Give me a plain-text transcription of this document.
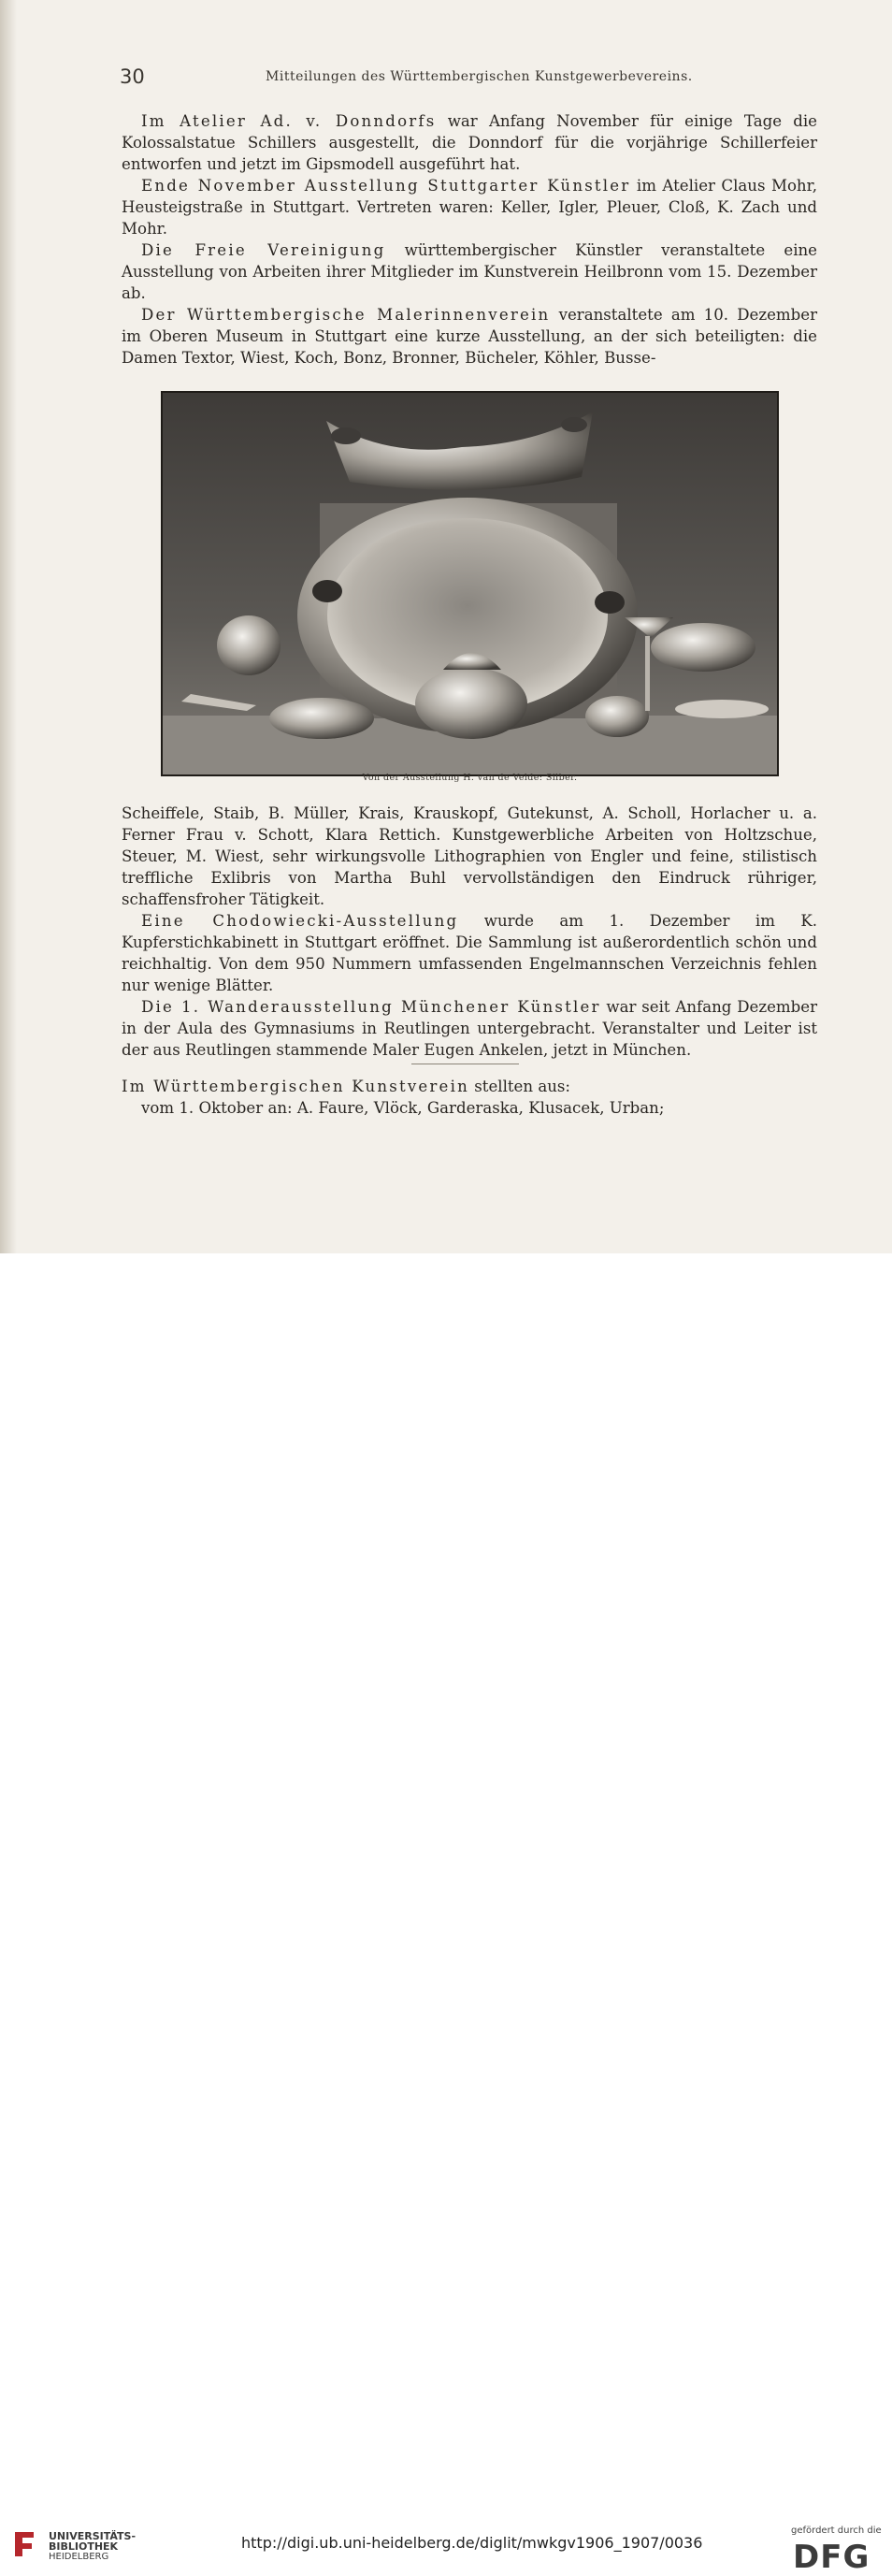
30	Mitteilungen des Württembergischen Kunstgewerbevereins.

Im Atelier Ad. v. Donndorfs war Anfang November für einige Tage die Kolossalstatue Schillers ausgestellt, die Donndorf für die vorjährige Schillerfeier entworfen und jetzt im Gipsmodell ausgeführt hat.

Ende November Ausstellung Stuttgarter Künstler im Atelier Claus Mohr, Heusteigstraße in Stuttgart. Vertreten waren: Keller, Igler, Pleuer, Cloß, K. Zach und Mohr.

Die Freie Vereinigung württembergischer Künstler veranstaltete eine Ausstellung von Arbeiten ihrer Mitglieder im Kunstverein Heilbronn vom 15. Dezember ab.

Der Württembergische Malerinnenverein veranstaltete am 10. Dezember im Oberen Museum in Stuttgart eine kurze Ausstellung, an der sich beteiligten: die Damen Textor, Wiest, Koch, Bonz, Bronner, Bücheler, Köhler, Busse-

Von der Ausstellung H. van de Velde: Silber.

Scheiffele, Staib, B. Müller, Krais, Krauskopf, Gutekunst, A. Scholl, Horlacher u. a. Ferner Frau v. Schott, Klara Rettich. Kunstgewerbliche Arbeiten von Holtzschue, Steuer, M. Wiest, sehr wirkungsvolle Lithographien von Engler und feine, stilistisch treffliche Exlibris von Martha Buhl vervollständigen den Eindruck rühriger, schaffensfroher Tätigkeit.

Eine Chodowiecki-Ausstellung wurde am 1. Dezember im K. Kupferstichkabinett in Stuttgart eröffnet. Die Sammlung ist außerordentlich schön und reichhaltig. Von dem 950 Nummern umfassenden Engelmannschen Verzeichnis fehlen nur wenige Blätter.

Die 1. Wanderausstellung Münchener Künstler war seit Anfang Dezember in der Aula des Gymnasiums in Reutlingen untergebracht. Veranstalter und Leiter ist der aus Reutlingen stammende Maler Eugen Ankelen, jetzt in München.

Im Württembergischen Kunstverein stellten aus:

vom 1. Oktober an: A. Faure, Vlöck, Garderaska, Klusacek, Urban;

UNIVERSITÄTS-
BIBLIOTHEK
HEIDELBERG
http://digi.ub.uni-heidelberg.de/diglit/mwkgv1906_1907/0036
gefördert durch die
DFG
